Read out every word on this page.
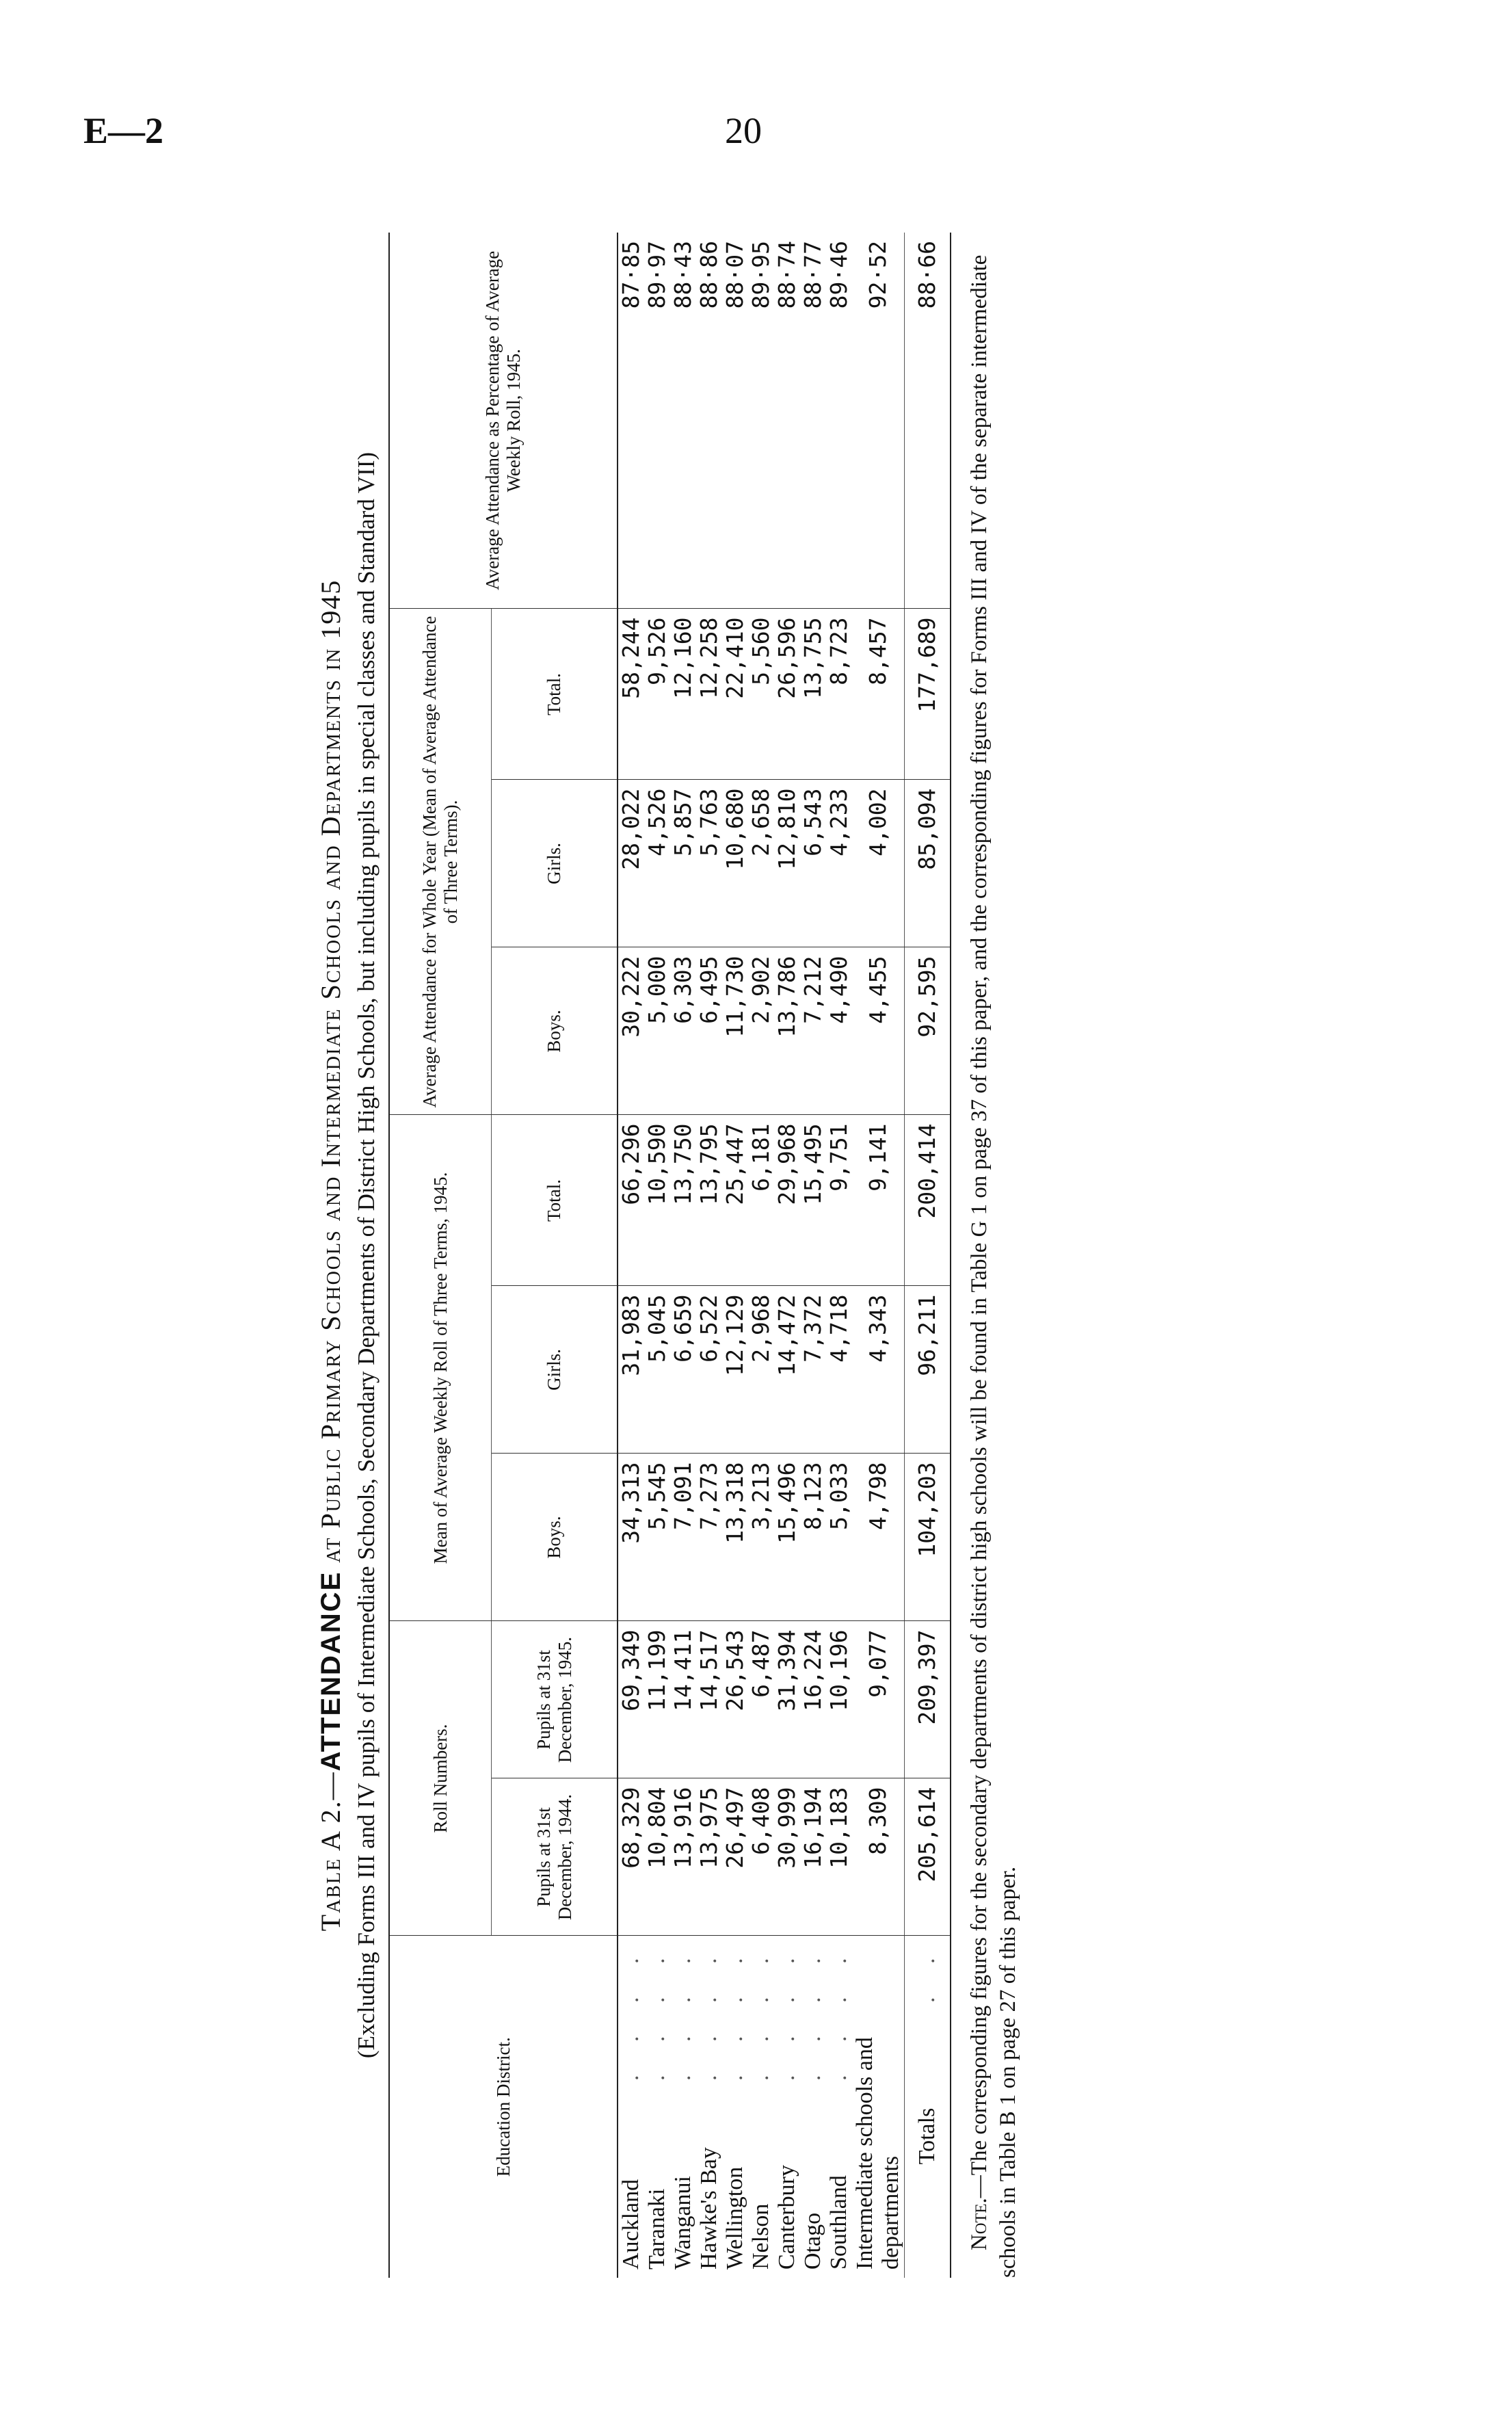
E—2	20
Table A 2.—ATTENDANCE at Public Primary Schools and Intermediate Schools and Departments in 1945 (Excluding Forms III and IV pupils of Intermediate Schools, Secondary Departments of District High Schools, but including pupils in special classes and Standard VII)
Education District.	Roll Numbers.		Mean of Average Weekly Roll of Three Terms, 1945.			Average Attendance for Whole Year (Mean of Average Attendance of Three Terms).			Average Attendance as Percentage of Average Weekly Roll, 1945.
	Pupils at 31st December, 1944.	Pupils at 31st December, 1945.	Boys.	Girls.	Total.	Boys.	Girls.	Total.	

. . . .
Auckland	68,329	69,349	34,313	31,983	66,296	30,222	28,022	58,244	87·85

. . . .
Taranaki	10,804	11,199	5,545	5,045	10,590	5,000	4,526	9,526	89·97

. . . .
Wanganui	13,916	14,411	7,091	6,659	13,750	6,303	5,857	12,160	88·43

. . . .
Hawke's Bay	13,975	14,517	7,273	6,522	13,795	6,495	5,763	12,258	88·86

. . . .
Wellington	26,497	26,543	13,318	12,129	25,447	11,730	10,680	22,410	88·07

. . . .
Nelson	6,408	6,487	3,213	2,968	6,181	2,902	2,658	5,560	89·95

. . . .
Canterbury	30,999	31,394	15,496	14,472	29,968	13,786	12,810	26,596	88·74

. . . .
Otago	16,194	16,224	8,123	7,372	15,495	7,212	6,543	13,755	88·77

. . . .
Southland	10,183	10,196	5,033	4,718	9,751	4,490	4,233	8,723	89·46

Intermediate schools and departments	8,309	9,077	4,798	4,343	9,141	4,455	4,002	8,457	92·52

. .
Totals	205,614	209,397	104,203	96,211	200,414	92,595	85,094	177,689	88·66
Note.—The corresponding figures for the secondary departments of district high schools will be found in Table G 1 on page 37 of this paper, and the corresponding figures for Forms III and IV of the separate intermediate schools in Table B 1 on page 27 of this paper.
